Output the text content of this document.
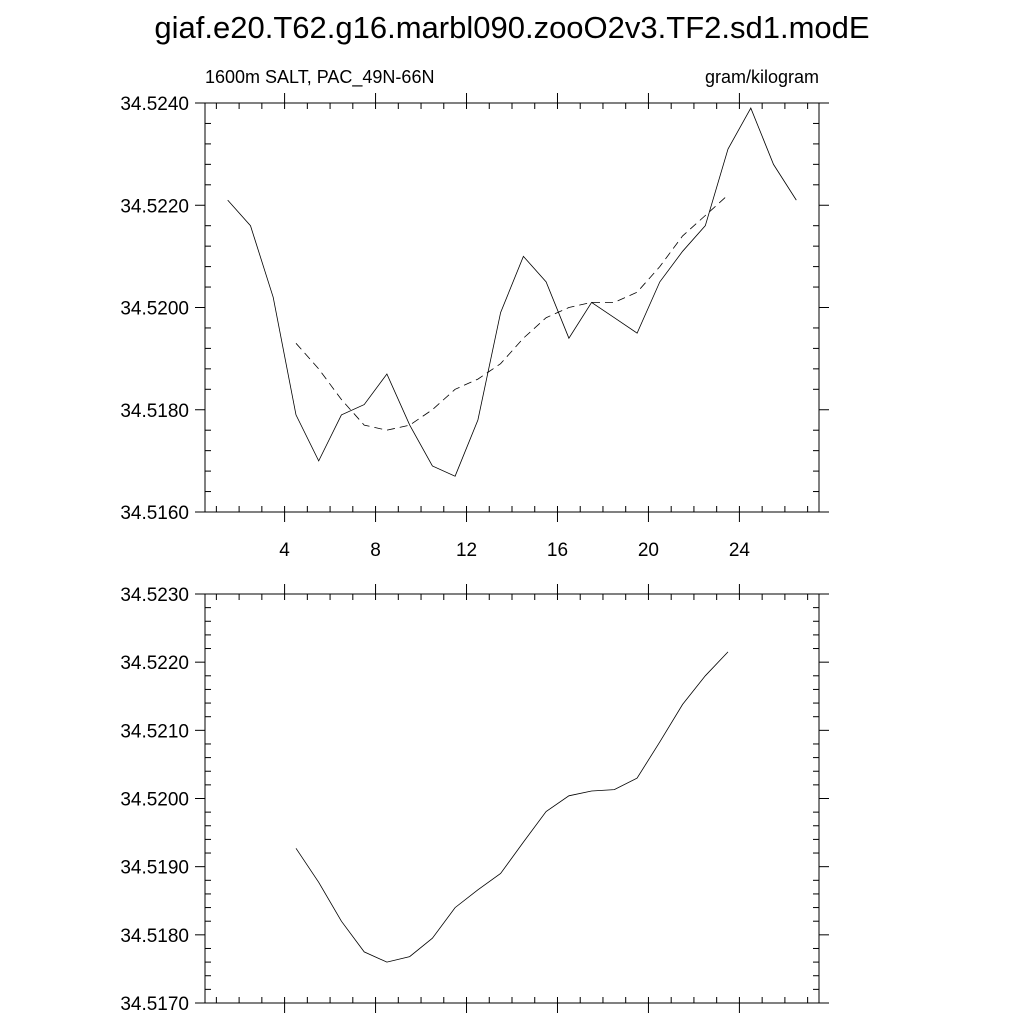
giaf.e20.T62.g16.marbl090.zooO2v3.TF2.sd1.modE
34.5160
34.5180
34.5200
34.5220
34.5240
4	8	12	16	20	24
1600m SALT, PAC_49N-66N	gram/kilogram
34.5170
34.5180
34.5190
34.5200
34.5210
34.5220
34.5230
